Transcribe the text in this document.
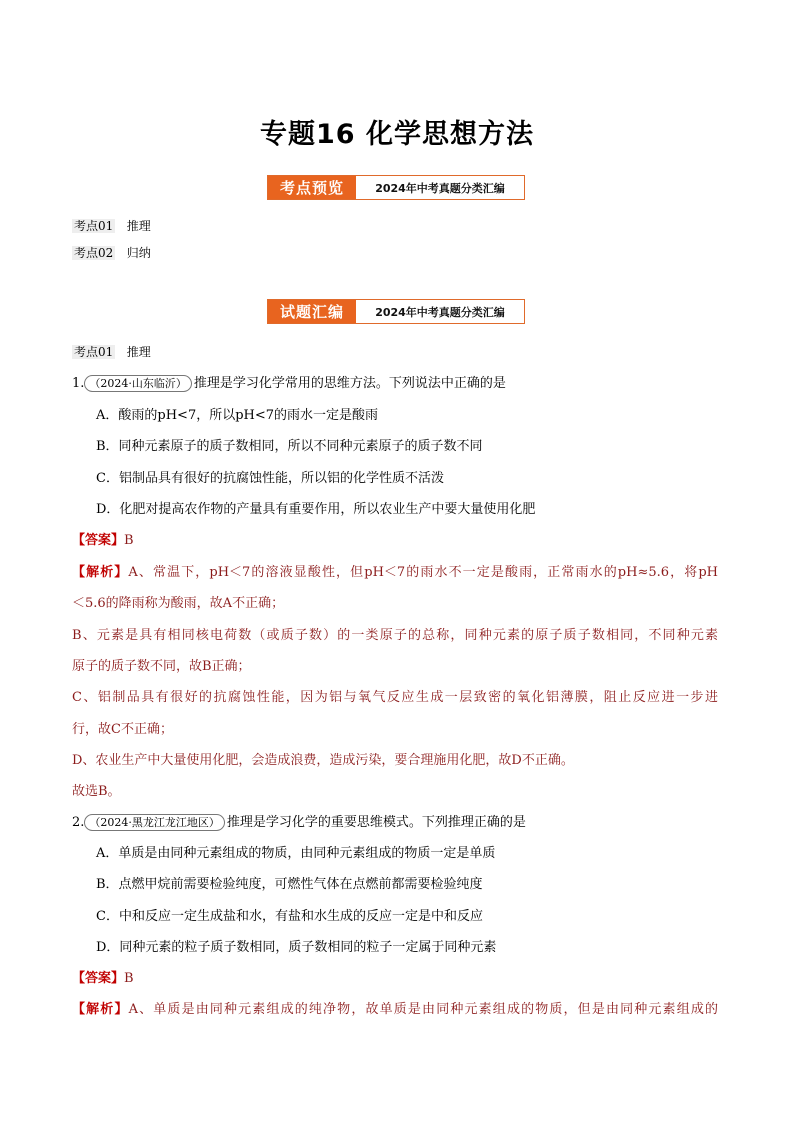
专题16 化学思想方法
考点预览	2024年中考真题分类汇编
考点01 推理
考点02 归纳
试题汇编	2024年中考真题分类汇编
考点01 推理
1. （2024·山东临沂） 推理是学习化学常用的思维方法。下列说法中正确的是
A．酸雨的pH<7，所以pH<7的雨水一定是酸雨
B．同种元素原子的质子数相同，所以不同种元素原子的质子数不同
C．铝制品具有很好的抗腐蚀性能，所以铝的化学性质不活泼
D．化肥对提高农作物的产量具有重要作用，所以农业生产中要大量使用化肥
【答案】B
【解析】A、常温下，pH＜7的溶液显酸性，但pH＜7的雨水不一定是酸雨，正常雨水的pH≈5.6，将pH
＜5.6的降雨称为酸雨，故A不正确；
B、元素是具有相同核电荷数（或质子数）的一类原子的总称，同种元素的原子质子数相同，不同种元素
原子的质子数不同，故B正确；
C、铝制品具有很好的抗腐蚀性能，因为铝与氧气反应生成一层致密的氧化铝薄膜，阻止反应进一步进
行，故C不正确；
D、农业生产中大量使用化肥，会造成浪费，造成污染，要合理施用化肥，故D不正确。
故选B。
2. （2024·黑龙江龙江地区） 推理是学习化学的重要思维模式。下列推理正确的是
A．单质是由同种元素组成的物质，由同种元素组成的物质一定是单质
B．点燃甲烷前需要检验纯度，可燃性气体在点燃前都需要检验纯度
C．中和反应一定生成盐和水，有盐和水生成的反应一定是中和反应
D．同种元素的粒子质子数相同，质子数相同的粒子一定属于同种元素
【答案】B
【解析】A、单质是由同种元素组成的纯净物，故单质是由同种元素组成的物质，但是由同种元素组成的
